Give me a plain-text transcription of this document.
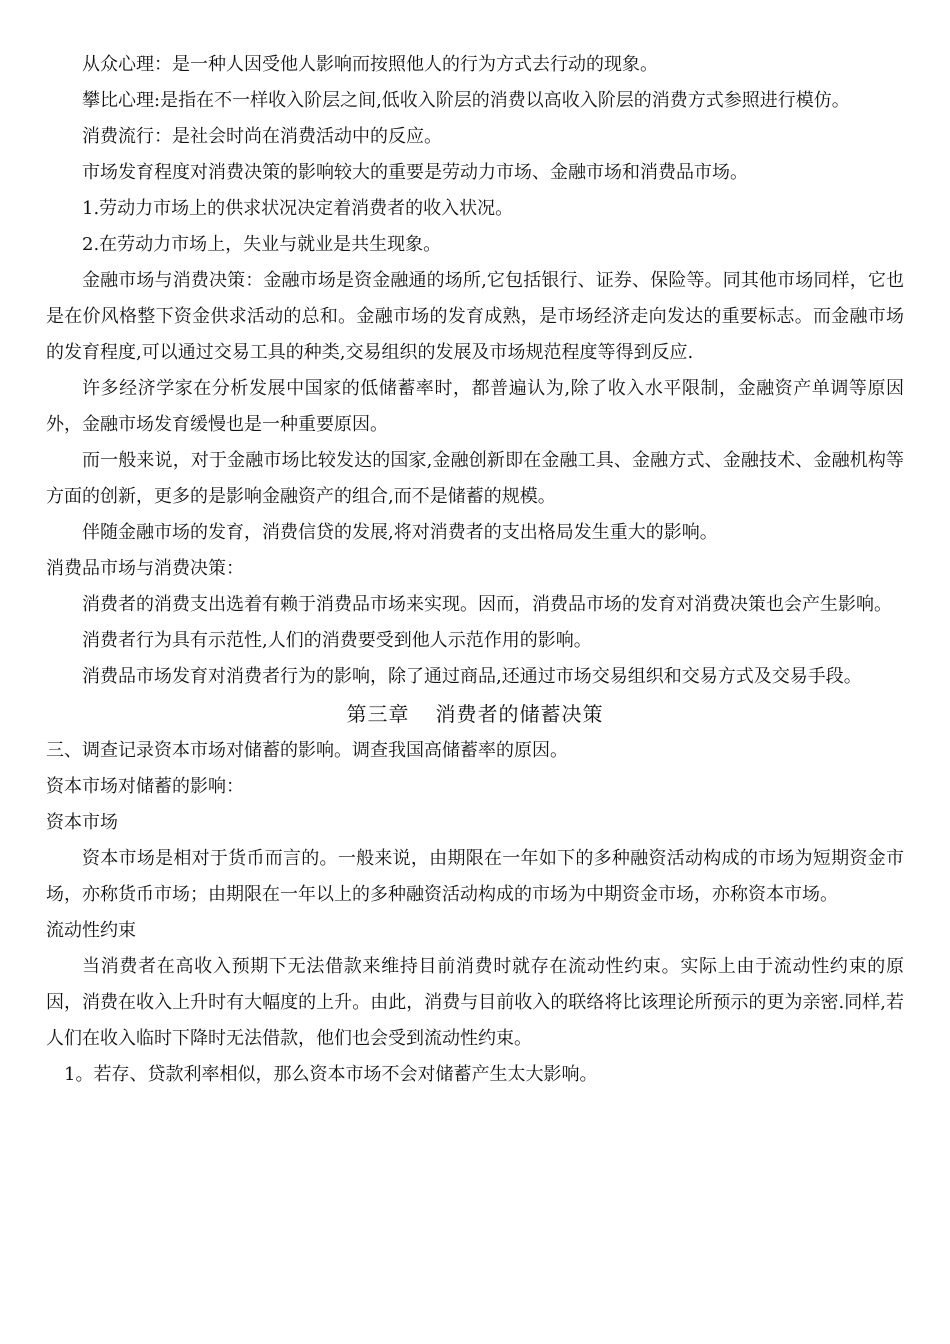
从众心理：是一种人因受他人影响而按照他人的行为方式去行动的现象。

攀比心理:是指在不一样收入阶层之间,低收入阶层的消费以高收入阶层的消费方式参照进行模仿。

消费流行：是社会时尚在消费活动中的反应。

市场发育程度对消费决策的影响较大的重要是劳动力市场、金融市场和消费品市场。

1.劳动力市场上的供求状况决定着消费者的收入状况。

2.在劳动力市场上，失业与就业是共生现象。

金融市场与消费决策：金融市场是资金融通的场所,它包括银行、证券、保险等。同其他市场同样，它也是在价风格整下资金供求活动的总和。金融市场的发育成熟，是市场经济走向发达的重要标志。而金融市场的发育程度,可以通过交易工具的种类,交易组织的发展及市场规范程度等得到反应.

许多经济学家在分析发展中国家的低储蓄率时，都普遍认为,除了收入水平限制，金融资产单调等原因外，金融市场发育缓慢也是一种重要原因。

而一般来说，对于金融市场比较发达的国家,金融创新即在金融工具、金融方式、金融技术、金融机构等方面的创新，更多的是影响金融资产的组合,而不是储蓄的规模。

伴随金融市场的发育，消费信贷的发展,将对消费者的支出格局发生重大的影响。

消费品市场与消费决策：

消费者的消费支出选着有赖于消费品市场来实现。因而，消费品市场的发育对消费决策也会产生影响。

消费者行为具有示范性,人们的消费要受到他人示范作用的影响。

消费品市场发育对消费者行为的影响，除了通过商品,还通过市场交易组织和交易方式及交易手段。

第三章 消费者的储蓄决策

三、调查记录资本市场对储蓄的影响。调查我国高储蓄率的原因。

资本市场对储蓄的影响：

资本市场

资本市场是相对于货币而言的。一般来说，由期限在一年如下的多种融资活动构成的市场为短期资金市场，亦称货币市场；由期限在一年以上的多种融资活动构成的市场为中期资金市场，亦称资本市场。

流动性约束

当消费者在高收入预期下无法借款来维持目前消费时就存在流动性约束。实际上由于流动性约束的原因，消费在收入上升时有大幅度的上升。由此，消费与目前收入的联络将比该理论所预示的更为亲密.同样,若人们在收入临时下降时无法借款，他们也会受到流动性约束。

1。若存、贷款利率相似，那么资本市场不会对储蓄产生太大影响。
